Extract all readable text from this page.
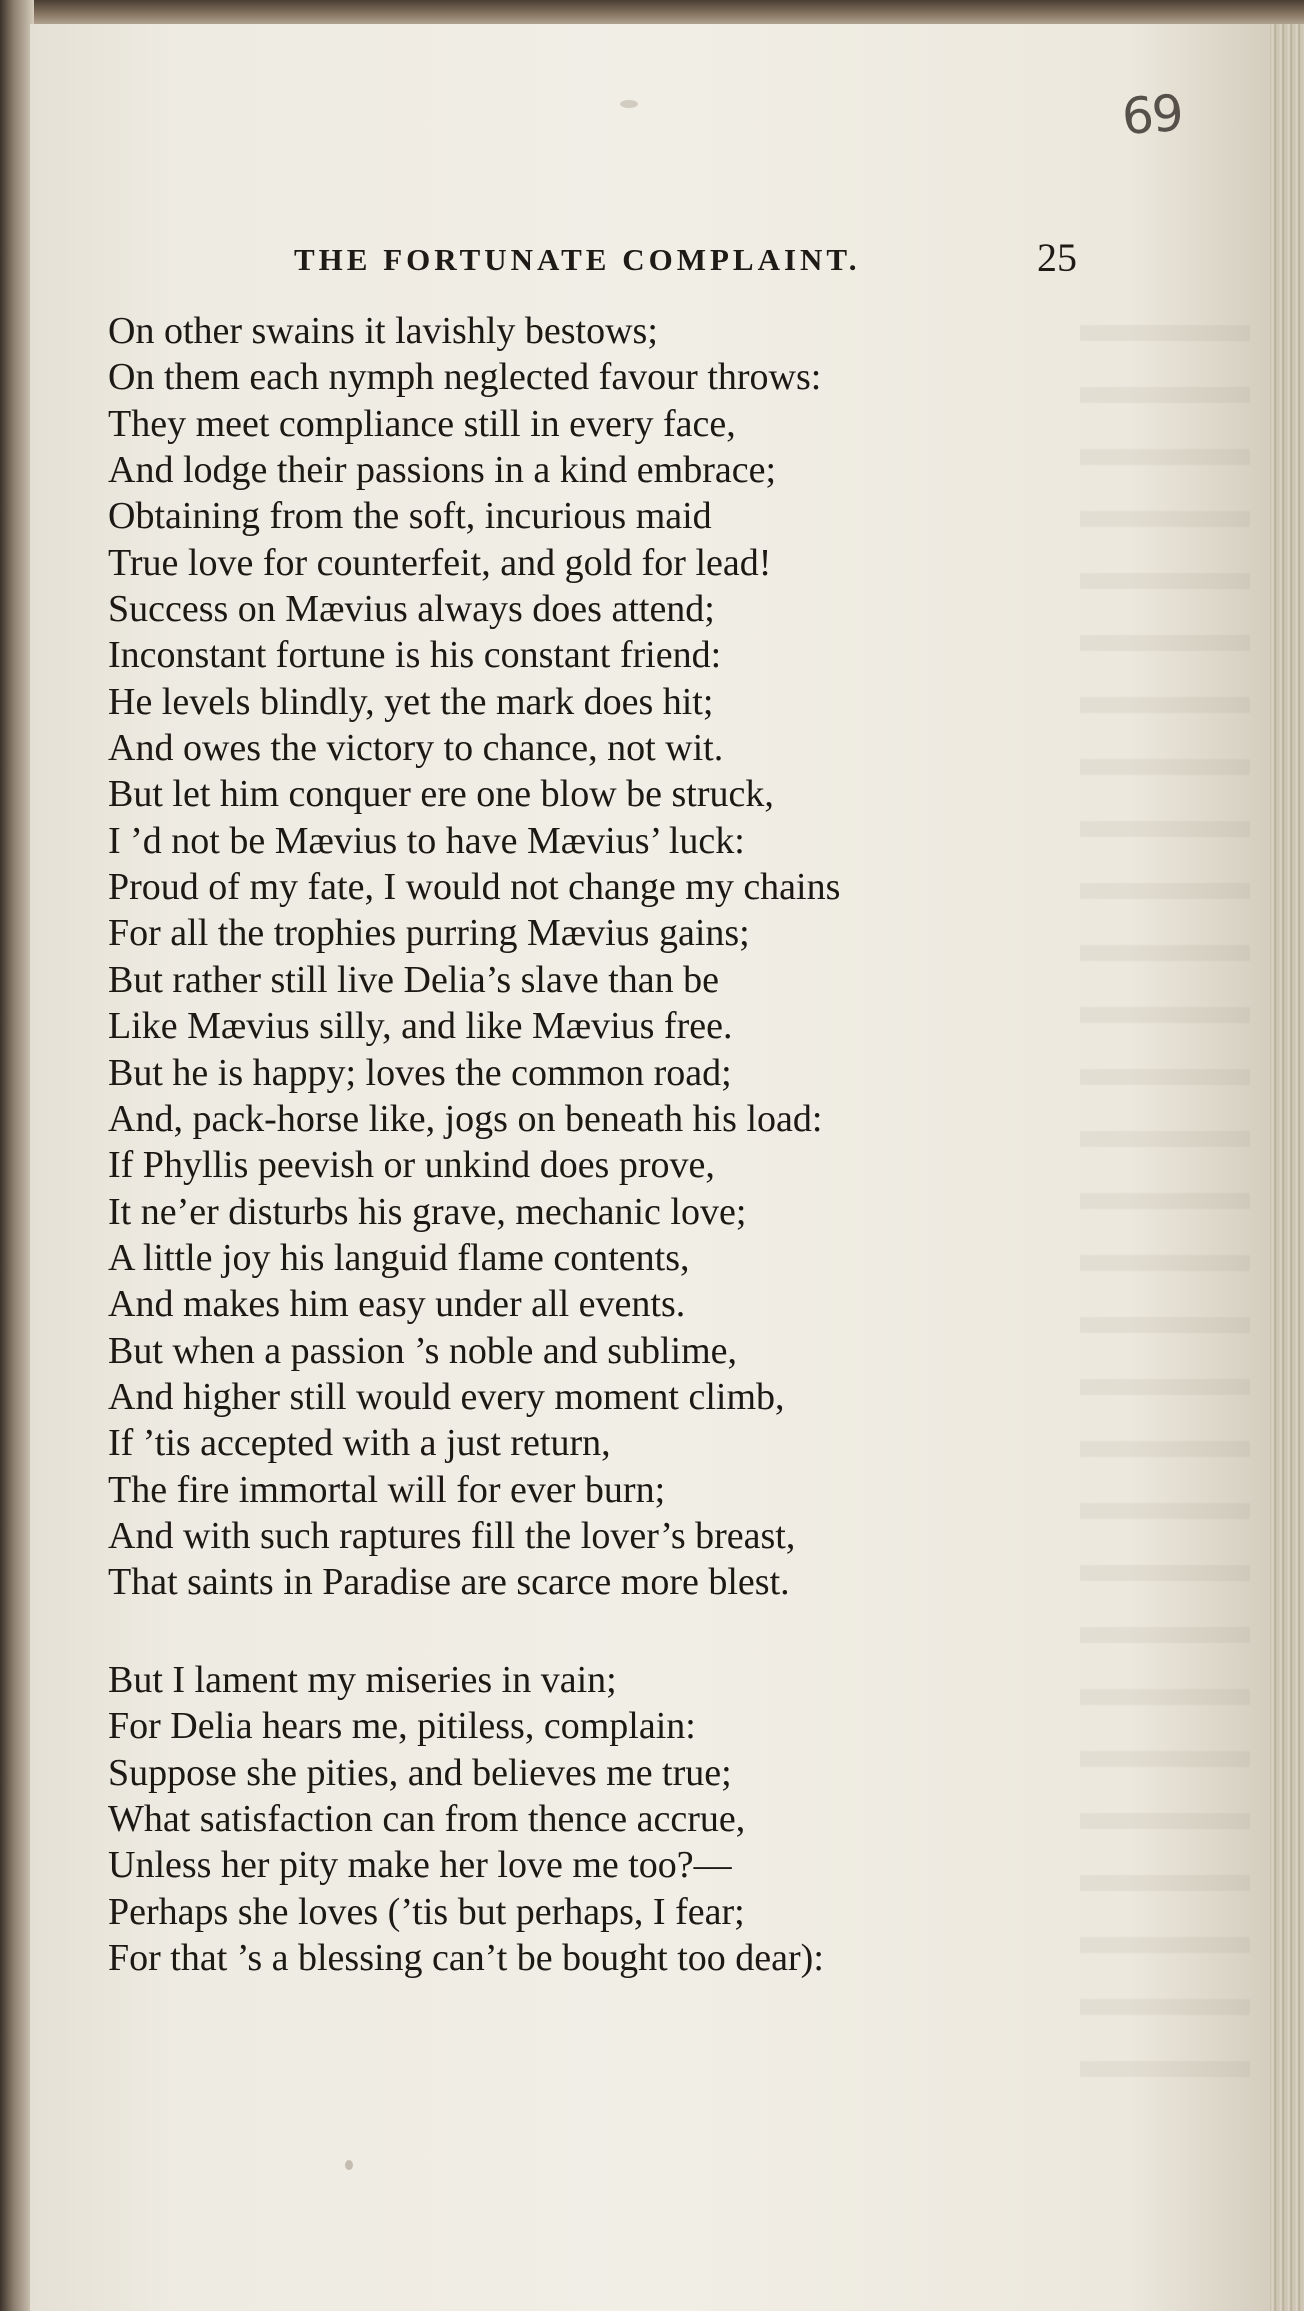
69
THE FORTUNATE COMPLAINT.	25
On other swains it lavishly bestows;
On them each nymph neglected favour throws:
They meet compliance still in every face,
And lodge their passions in a kind embrace;
Obtaining from the soft, incurious maid
True love for counterfeit, and gold for lead!
Success on Mævius always does attend;
Inconstant fortune is his constant friend:
He levels blindly, yet the mark does hit;
And owes the victory to chance, not wit.
But let him conquer ere one blow be struck,
I ’d not be Mævius to have Mævius’ luck:
Proud of my fate, I would not change my chains
For all the trophies purring Mævius gains;
But rather still live Delia’s slave than be
Like Mævius silly, and like Mævius free.
But he is happy; loves the common road;
And, pack-horse like, jogs on beneath his load:
If Phyllis peevish or unkind does prove,
It ne’er disturbs his grave, mechanic love;
A little joy his languid flame contents,
And makes him easy under all events.
But when a passion ’s noble and sublime,
And higher still would every moment climb,
If ’tis accepted with a just return,
The fire immortal will for ever burn;
And with such raptures fill the lover’s breast,
That saints in Paradise are scarce more blest.
But I lament my miseries in vain;
For Delia hears me, pitiless, complain:
Suppose she pities, and believes me true;
What satisfaction can from thence accrue,
Unless her pity make her love me too?—
Perhaps she loves (’tis but perhaps, I fear;
For that ’s a blessing can’t be bought too dear):
